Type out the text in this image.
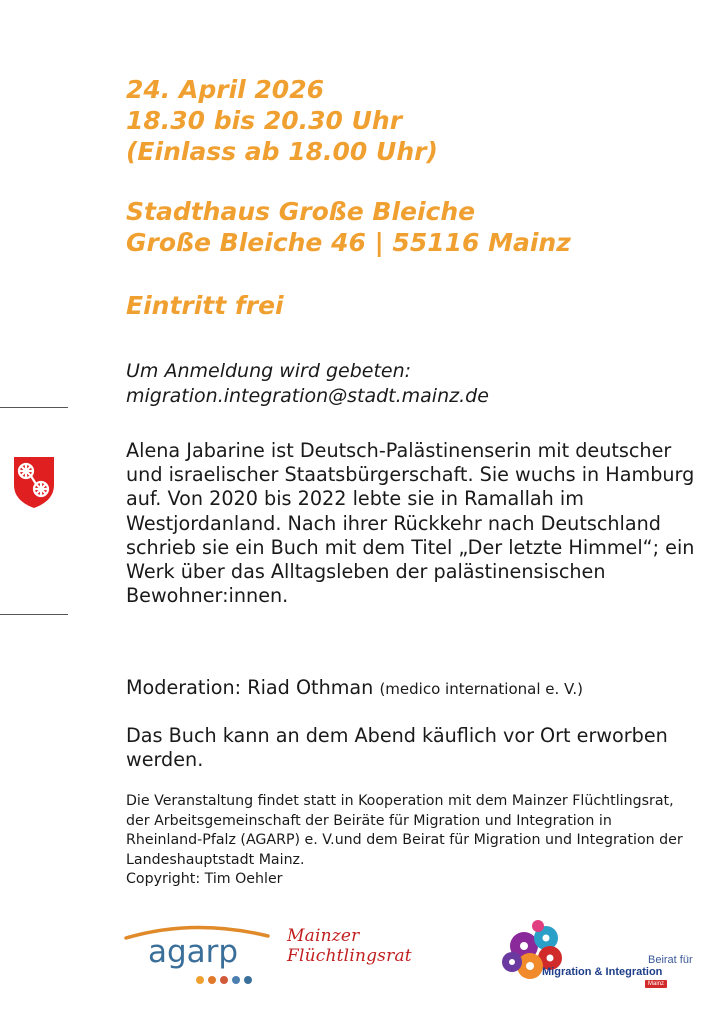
24. April 2026
18.30 bis 20.30 Uhr
(Einlass ab 18.00 Uhr)
Stadthaus Große Bleiche
Große Bleiche 46 | 55116 Mainz
Eintritt frei
Um Anmeldung wird gebeten:
migration.integration@stadt.mainz.de
Alena Jabarine ist Deutsch-Palästinenserin mit deutscher und israelischer Staatsbürgerschaft. Sie wuchs in Hamburg auf. Von 2020 bis 2022 lebte sie in Ramallah im Westjordanland. Nach ihrer Rückkehr nach Deutschland schrieb sie ein Buch mit dem Titel „Der letzte Himmel“; ein Werk über das Alltagsleben der palästinensischen Bewohner:innen.
Moderation: Riad Othman (medico international e. V.)
Das Buch kann an dem Abend käuflich vor Ort erworben werden.
Die Veranstaltung findet statt in Kooperation mit dem Mainzer Flüchtlingsrat, der Arbeitsgemeinschaft der Beiräte für Migration und Integration in Rheinland-Pfalz (AGARP) e. V.und dem Beirat für Migration und Integration der Landeshauptstadt Mainz.
Copyright: Tim Oehler
agarp	Mainzer Flüchtlingsrat	Beirat für
Migration & Integration
Mainz
